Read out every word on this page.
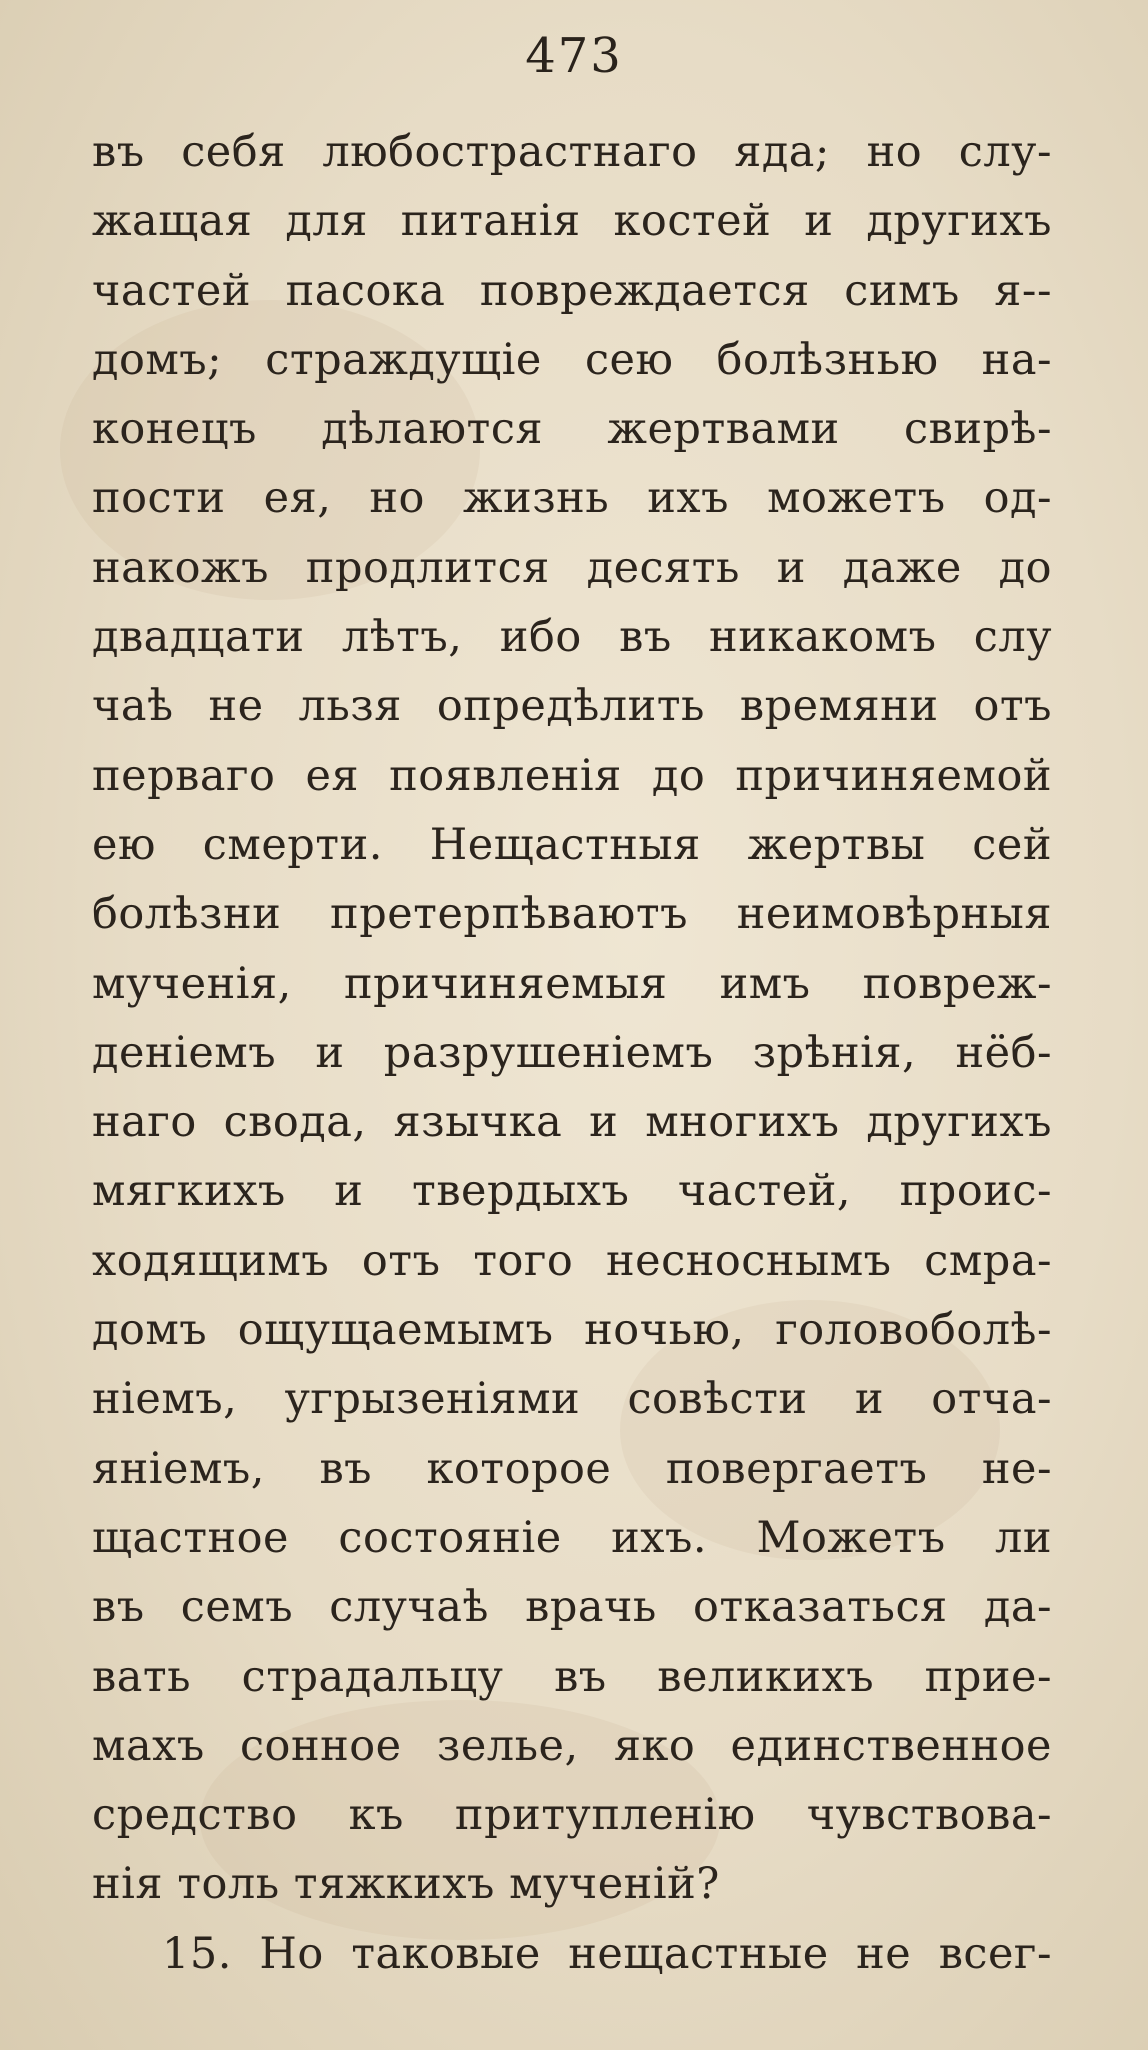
473
въ себя любострастнаго яда; но слу-
жащая для питанія костей и другихъ
частей пасока повреждается симъ я--
домъ; страждущіе сею болѣзнью на-
конецъ дѣлаются жертвами свирѣ-
пости ея, но жизнь ихъ можетъ од-
накожъ продлится десять и даже до
двадцати лѣтъ, ибо въ никакомъ слу
чаѣ не льзя опредѣлить времяни отъ
перваго ея появленія до причиняемой
ею смерти. Нещастныя жертвы сей
болѣзни претерпѣваютъ неимовѣрныя
мученія, причиняемыя имъ повреж-
деніемъ и разрушеніемъ зрѣнія, нёб-
наго свода, язычка и многихъ другихъ
мягкихъ и твердыхъ частей, проис-
ходящимъ отъ того несноснымъ смра-
домъ ощущаемымъ ночью, головоболѣ-
ніемъ, угрызеніями совѣсти и отча-
яніемъ, въ которое повергаетъ не-
щастное состояніе ихъ. Можетъ ли
въ семъ случаѣ врачь отказаться да-
вать страдальцу въ великихъ прие-
махъ сонное зелье, яко единственное
средство къ притупленію чувствова-
нія толь тяжкихъ мученій?
15. Но таковые нещастные не всег-
